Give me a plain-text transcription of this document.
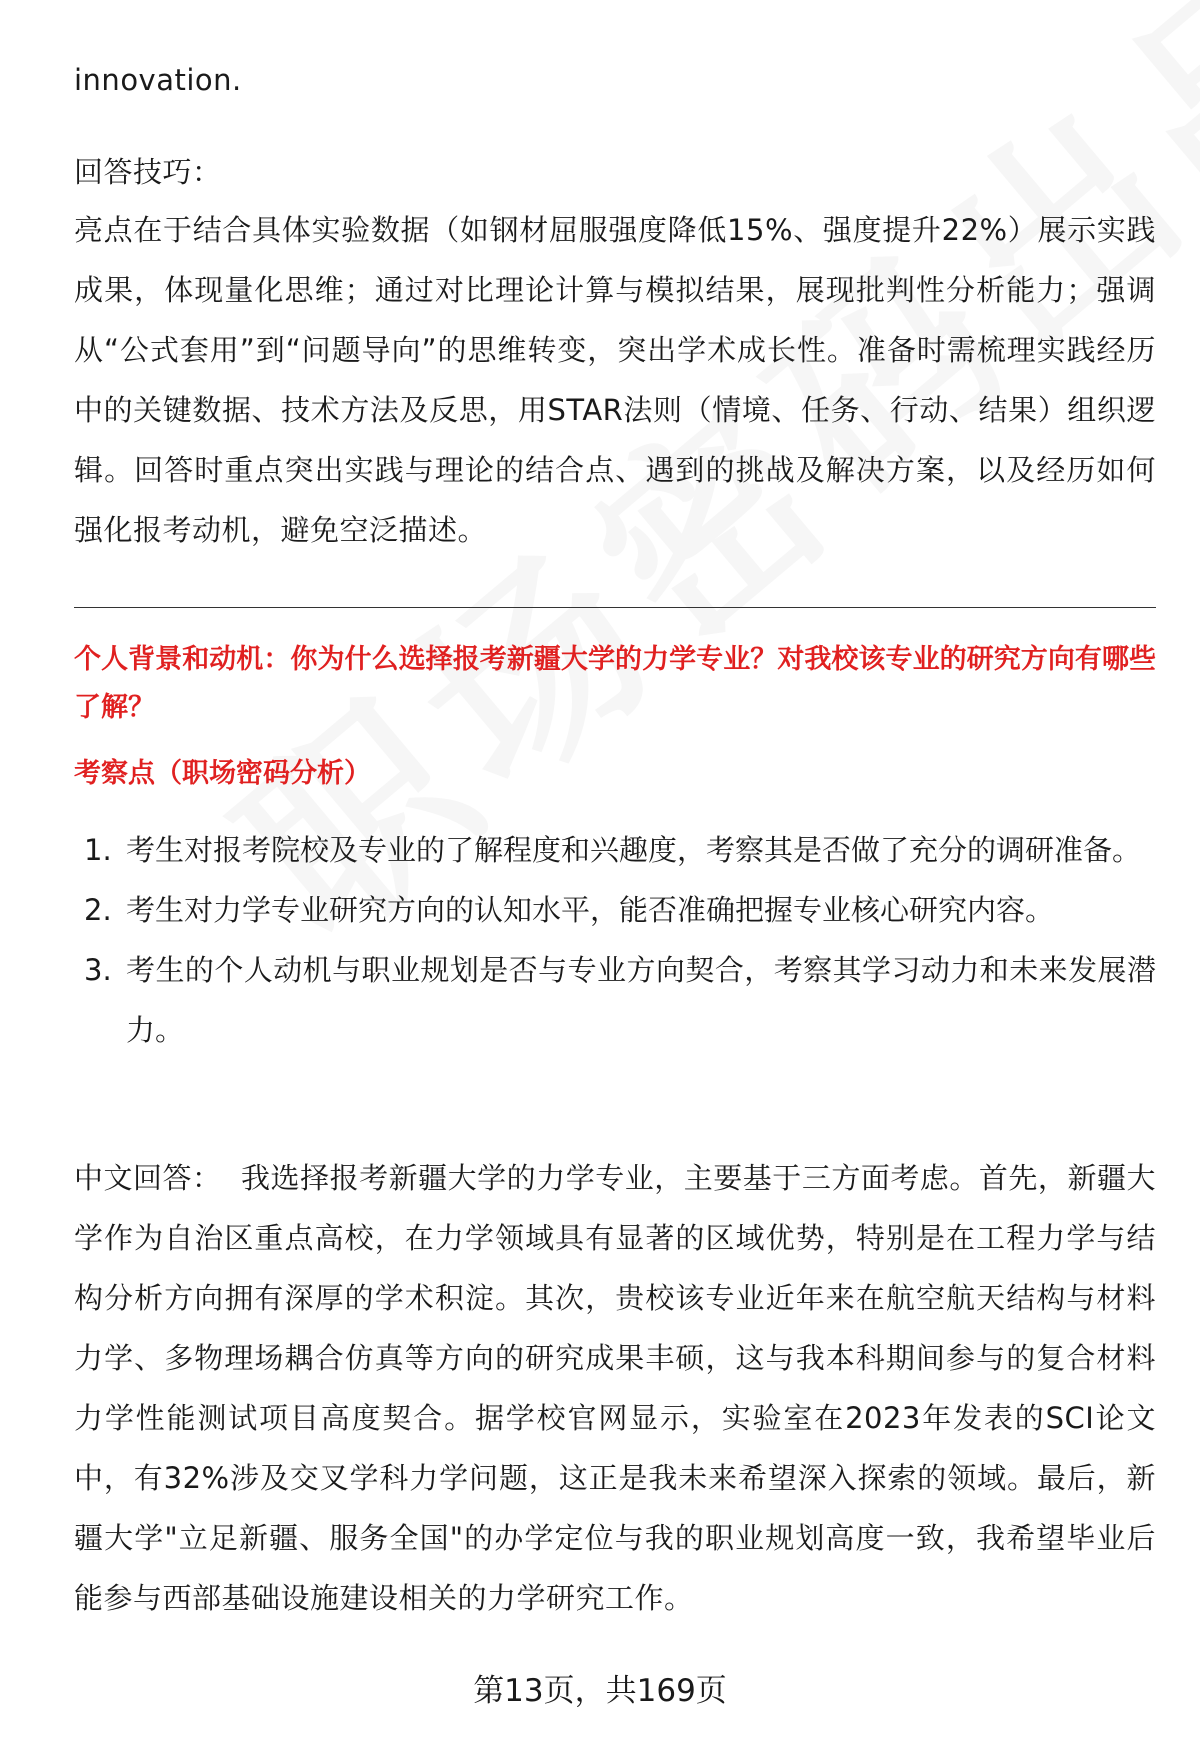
innovation.
回答技巧：

亮点在于结合具体实验数据（如钢材屈服强度降低15%、强度提升22%）展示实践成果，体现量化思维；通过对比理论计算与模拟结果，展现批判性分析能力；强调从“公式套用”到“问题导向”的思维转变，突出学术成长性。准备时需梳理实践经历中的关键数据、技术方法及反思，用STAR法则（情境、任务、行动、结果）组织逻辑。回答时重点突出实践与理论的结合点、遇到的挑战及解决方案，以及经历如何强化报考动机，避免空泛描述。

个人背景和动机：你为什么选择报考新疆大学的力学专业？对我校该专业的研究方向有哪些了解？
考察点（职场密码分析）
1. 考生对报考院校及专业的了解程度和兴趣度，考察其是否做了充分的调研准备。
2. 考生对力学专业研究方向的认知水平，能否准确把握专业核心研究内容。
3. 考生的个人动机与职业规划是否与专业方向契合，考察其学习动力和未来发展潜力。

中文回答： 我选择报考新疆大学的力学专业，主要基于三方面考虑。首先，新疆大学作为自治区重点高校，在力学领域具有显著的区域优势，特别是在工程力学与结构分析方向拥有深厚的学术积淀。其次，贵校该专业近年来在航空航天结构与材料力学、多物理场耦合仿真等方向的研究成果丰硕，这与我本科期间参与的复合材料力学性能测试项目高度契合。据学校官网显示，实验室在2023年发表的SCI论文中，有32%涉及交叉学科力学问题，这正是我未来希望深入探索的领域。最后，新疆大学"立足新疆、服务全国"的办学定位与我的职业规划高度一致，我希望毕业后能参与西部基础设施建设相关的力学研究工作。

第13页，共169页
